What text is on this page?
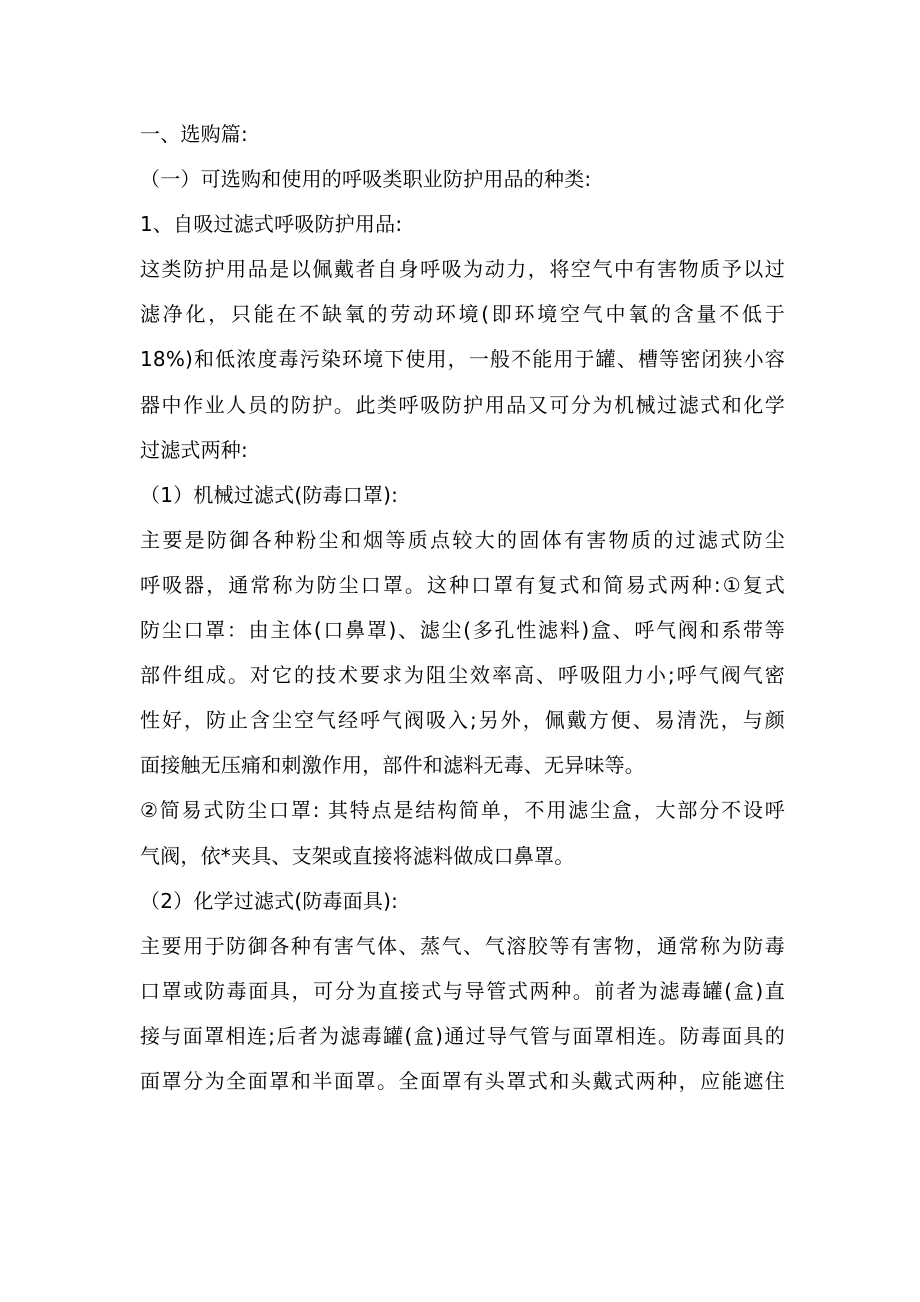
一、选购篇:
（一）可选购和使用的呼吸类职业防护用品的种类:
1、自吸过滤式呼吸防护用品:
这类防护用品是以佩戴者自身呼吸为动力，将空气中有害物质予以过
滤净化，只能在不缺氧的劳动环境(即环境空气中氧的含量不低于
18%)和低浓度毒污染环境下使用，一般不能用于罐、槽等密闭狭小容
器中作业人员的防护。此类呼吸防护用品又可分为机械过滤式和化学
过滤式两种:
（1）机械过滤式(防毒口罩):
主要是防御各种粉尘和烟等质点较大的固体有害物质的过滤式防尘
呼吸器，通常称为防尘口罩。这种口罩有复式和简易式两种:①复式
防尘口罩：由主体(口鼻罩)、滤尘(多孔性滤料)盒、呼气阀和系带等
部件组成。对它的技术要求为阻尘效率高、呼吸阻力小;呼气阀气密
性好，防止含尘空气经呼气阀吸入;另外，佩戴方便、易清洗，与颜
面接触无压痛和刺激作用，部件和滤料无毒、无异味等。
②简易式防尘口罩: 其特点是结构简单，不用滤尘盒，大部分不设呼
气阀，依*夹具、支架或直接将滤料做成口鼻罩。
（2）化学过滤式(防毒面具):
主要用于防御各种有害气体、蒸气、气溶胶等有害物，通常称为防毒
口罩或防毒面具，可分为直接式与导管式两种。前者为滤毒罐(盒)直
接与面罩相连;后者为滤毒罐(盒)通过导气管与面罩相连。防毒面具的
面罩分为全面罩和半面罩。全面罩有头罩式和头戴式两种，应能遮住
